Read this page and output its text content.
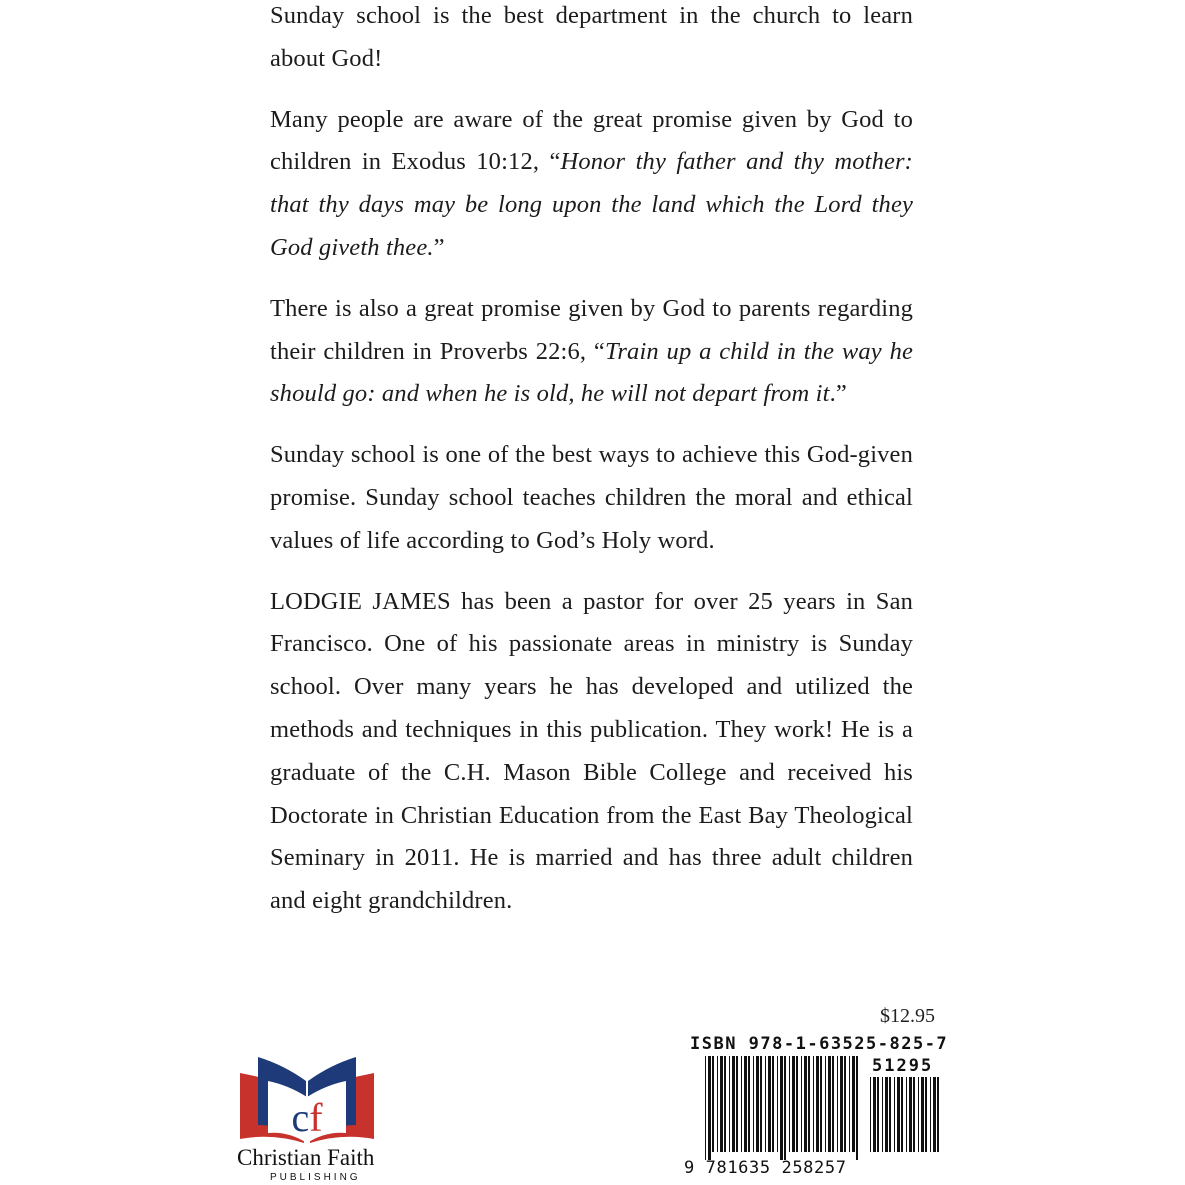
Sunday school is the best department in the church to learn about God!

Many people are aware of the great promise given by God to children in Exodus 10:12, “Honor thy father and thy mother: that thy days may be long upon the land which the Lord they God giveth thee.”

There is also a great promise given by God to parents regarding their children in Proverbs 22:6, “Train up a child in the way he should go: and when he is old, he will not depart from it.”

Sunday school is one of the best ways to achieve this God-given promise. Sunday school teaches children the moral and ethical values of life according to God’s Holy word.

LODGIE JAMES has been a pastor for over 25 years in San Francisco. One of his passionate areas in ministry is Sunday school. Over many years he has developed and utilized the methods and techniques in this publication. They work! He is a graduate of the C.H. Mason Bible College and received his Doctorate in Christian Education from the East Bay Theological Seminary in 2011. He is married and has three adult children and eight grandchildren.

$12.95
ISBN 978-1-63525-825-7
51295
9 781635 258257
cf
Christian Faith
PUBLISHING
